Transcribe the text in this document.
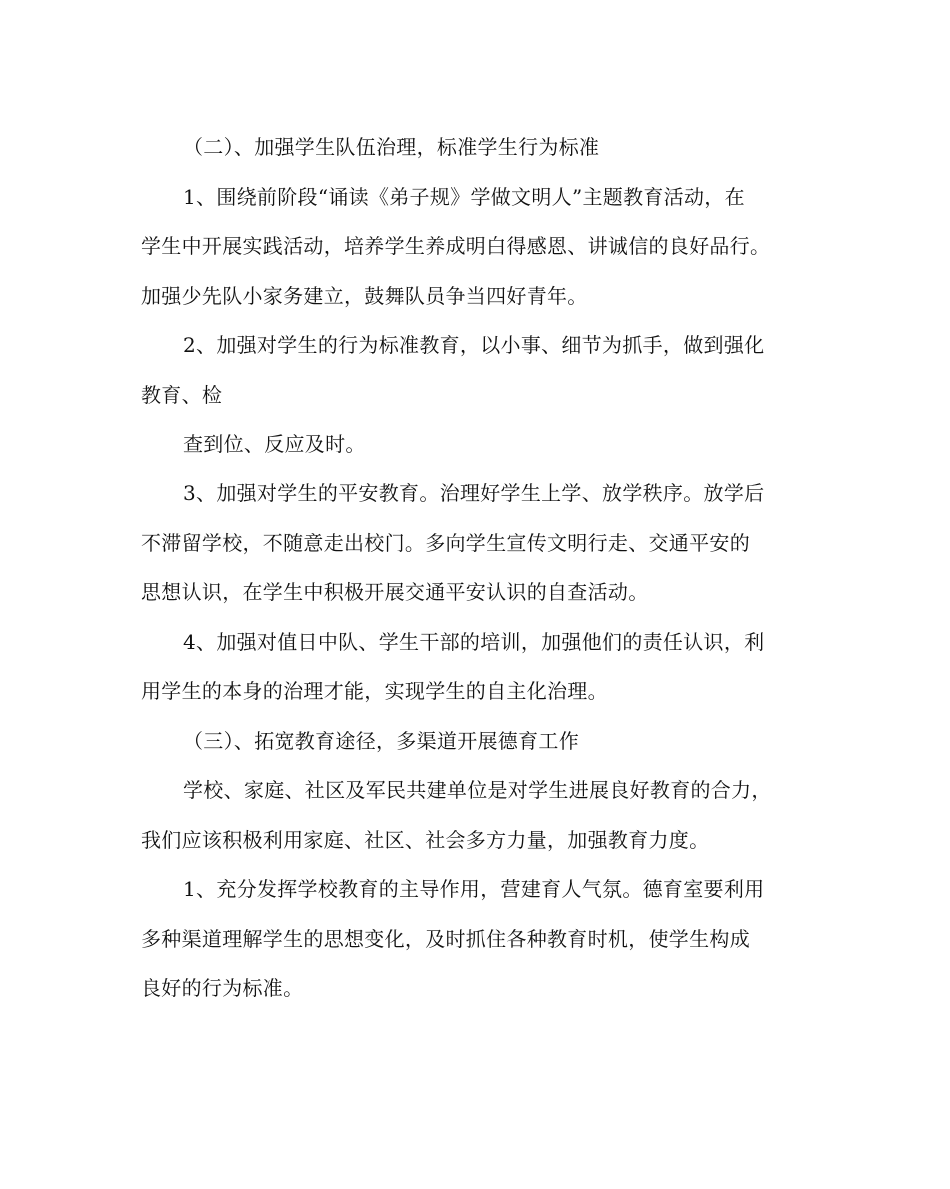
（二）、加强学生队伍治理，标准学生行为标准
1、围绕前阶段“诵读《弟子规》学做文明人”主题教育活动，在
学生中开展实践活动，培养学生养成明白得感恩、讲诚信的良好品行。
加强少先队小家务建立，鼓舞队员争当四好青年。
2、加强对学生的行为标准教育，以小事、细节为抓手，做到强化
教育、检
查到位、反应及时。
3、加强对学生的平安教育。治理好学生上学、放学秩序。放学后
不滞留学校，不随意走出校门。多向学生宣传文明行走、交通平安的
思想认识，在学生中积极开展交通平安认识的自查活动。
4、加强对值日中队、学生干部的培训，加强他们的责任认识，利
用学生的本身的治理才能，实现学生的自主化治理。
（三）、拓宽教育途径，多渠道开展德育工作
学校、家庭、社区及军民共建单位是对学生进展良好教育的合力，
我们应该积极利用家庭、社区、社会多方力量，加强教育力度。
1、充分发挥学校教育的主导作用，营建育人气氛。德育室要利用
多种渠道理解学生的思想变化，及时抓住各种教育时机，使学生构成
良好的行为标准。
